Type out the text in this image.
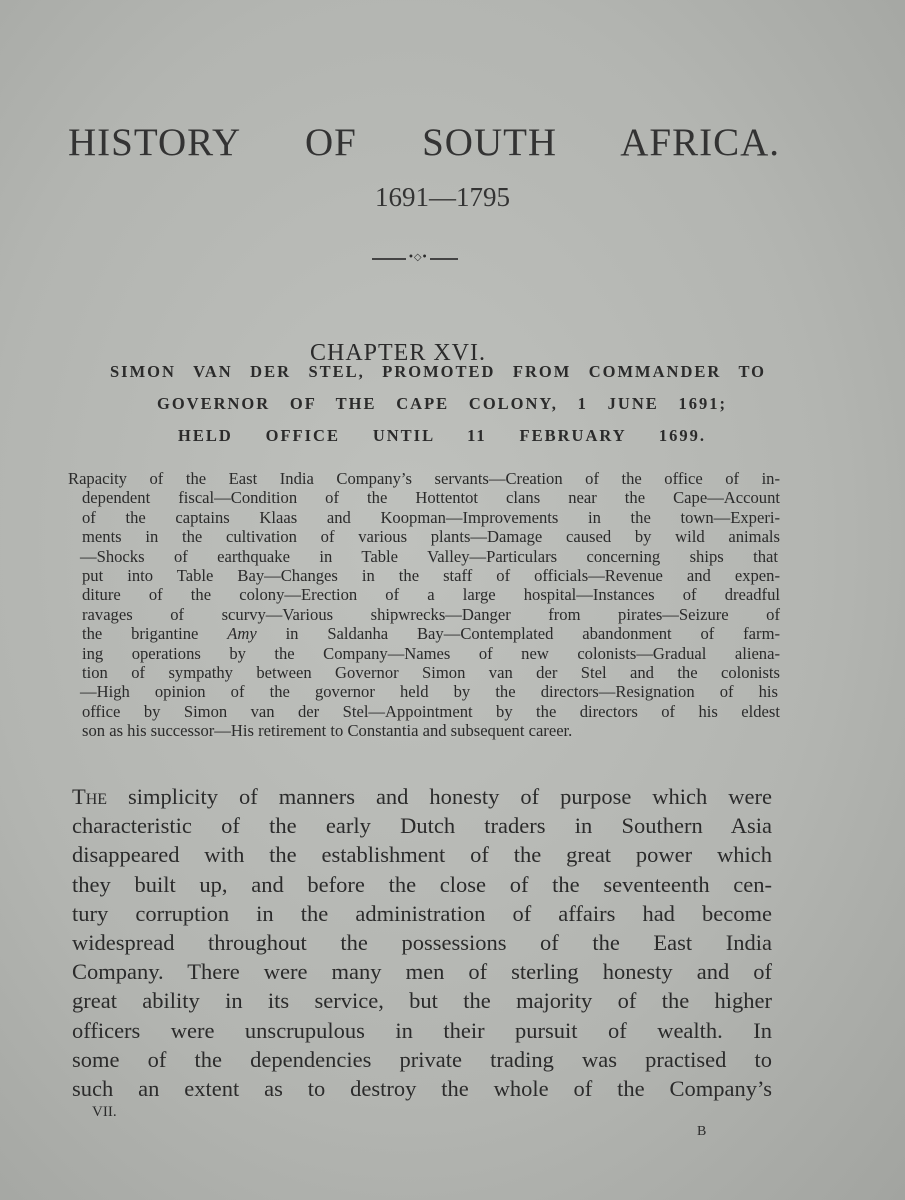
HISTORY OF SOUTH AFRICA.
1691—1795
•◇•
CHAPTER XVI.
SIMON VAN DER STEL, PROMOTED FROM COMMANDER TO
GOVERNOR OF THE CAPE COLONY, 1 JUNE 1691;
HELD OFFICE UNTIL 11 FEBRUARY 1699.
Rapacity of the East India Company’s servants—Creation of the office of in-
dependent fiscal—Condition of the Hottentot clans near the Cape—Account
of the captains Klaas and Koopman—Improvements in the town—Experi-
ments in the cultivation of various plants—Damage caused by wild animals
—Shocks of earthquake in Table Valley—Particulars concerning ships that
put into Table Bay—Changes in the staff of officials—Revenue and expen-
diture of the colony—Erection of a large hospital—Instances of dreadful
ravages of scurvy—Various shipwrecks—Danger from pirates—Seizure of
the brigantine Amy in Saldanha Bay—Contemplated abandonment of farm-
ing operations by the Company—Names of new colonists—Gradual aliena-
tion of sympathy between Governor Simon van der Stel and the colonists
—High opinion of the governor held by the directors—Resignation of his
office by Simon van der Stel—Appointment by the directors of his eldest
son as his successor—His retirement to Constantia and subsequent career.
The simplicity of manners and honesty of purpose which were
characteristic of the early Dutch traders in Southern Asia
disappeared with the establishment of the great power which
they built up, and before the close of the seventeenth cen-
tury corruption in the administration of affairs had become
widespread throughout the possessions of the East India
Company. There were many men of sterling honesty and of
great ability in its service, but the majority of the higher
officers were unscrupulous in their pursuit of wealth. In
some of the dependencies private trading was practised to
such an extent as to destroy the whole of the Company’s
VII.
B
